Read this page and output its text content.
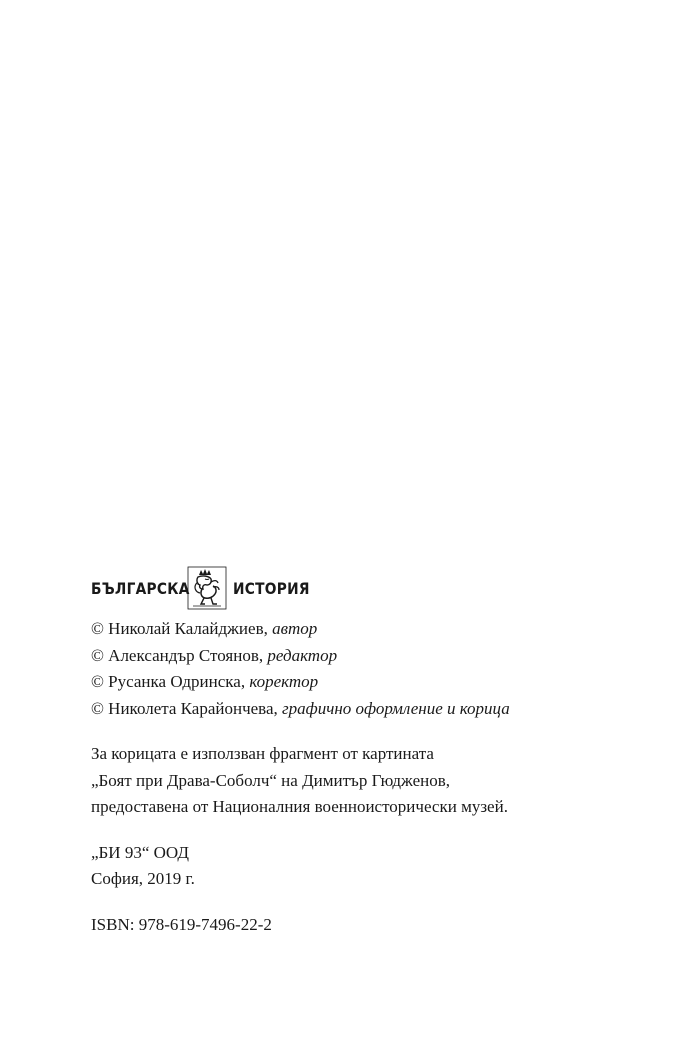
БЪЛГАРСКА	ИСТОРИЯ
© Николай Калайджиев, автор
© Александър Стоянов, редактор
© Русанка Одринска, коректор
© Николета Карайончева, графично оформление и корица
За корицата е използван фрагмент от картината
„Боят при Драва-Соболч“ на Димитър Гюдженов,
предоставена от Националния военноисторически музей.
„БИ 93“ ООД
София, 2019 г.
ISBN: 978-619-7496-22-2
